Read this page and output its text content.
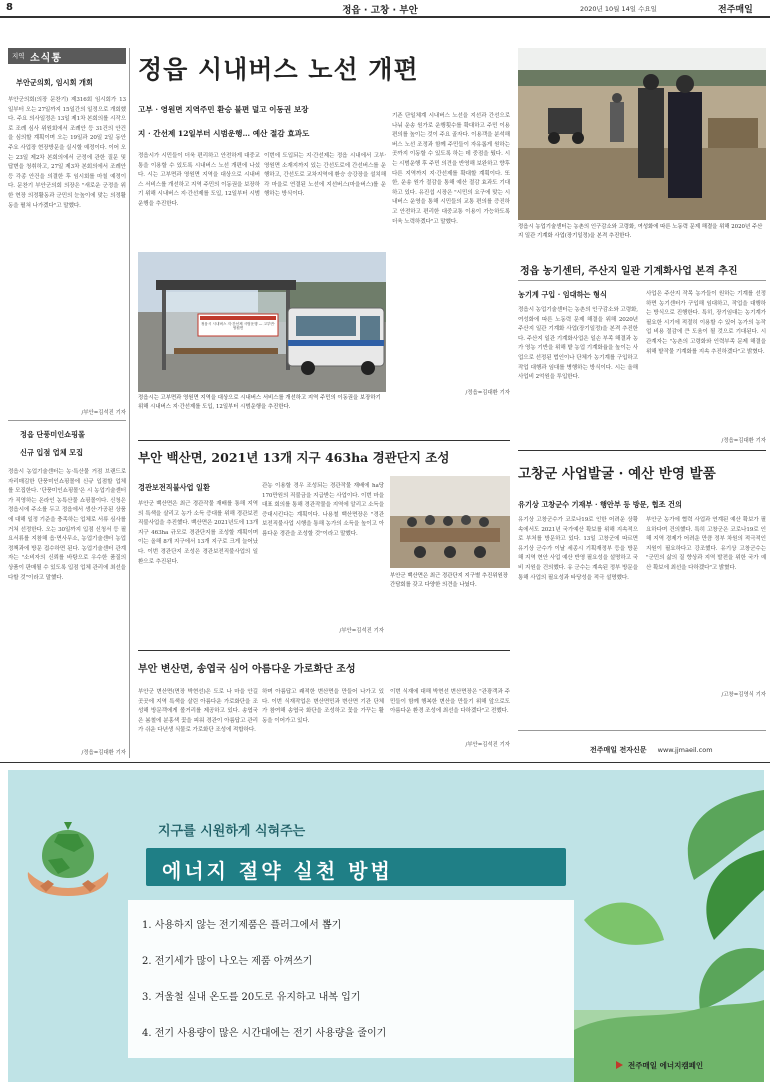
8	정읍 · 고창 · 부안	2020년 10월 14일 수요일	전주매일
지역 소식통
부안군의회, 임시회 개회
부안군의회(의장 문찬기) 제316회 임시회가 13일부터 오는 27일까지 15일간의 일정으로 개회했다. 주요 의사일정은 13일 제1차 본회의를 시작으로 조례 심사 위원회에서 조례안 등 31건의 안건을 심의할 계획이며 오는 19일과 20일 2일 동안 주요 사업장 현장방문을 실시할 예정이다. 이어 오는 23일 제2차 본회의에서 군정에 관한 질문 및 답변을 청취하고, 27일 제3차 본회의에서 조례안 등 각종 안건을 의결한 후 임시회를 마칠 예정이다. 문찬기 부안군의회 의장은 "새로운 군정을 위한 현장 의정활동과 군민의 눈높이에 맞는 의정활동을 펼쳐 나가겠다"고 말했다.
/부안=김석진 기자
정읍 단풍미인쇼핑몰
신규 입점 업체 모집
정읍시 농업기술센터는 농·특산물 거점 브랜드로 자리매김한 단풍미인쇼핑몰에 신규 입점할 업체를 모집한다. '단풍미인쇼핑몰'은 시 농업기술센터가 직영하는 온라인 농특산물 쇼핑몰이다. 신청은 정읍시에 주소를 두고 정읍에서 생산·가공된 상품에 대해 일정 기준을 충족하는 업체로 서류 심사를 거쳐 선정한다. 오는 30일까지 입점 신청서 등 필요서류를 지참해 읍·면사무소, 농업기술센터 농업정책과에 방문 접수하면 된다. 농업기술센터 관계자는 "소비자의 신뢰를 바탕으로 우수한 품질의 상품이 판매될 수 있도록 입점 업체 관리에 최선을 다할 것"이라고 말했다.
/정읍=김대환 기자
정읍 시내버스 노선 개편
고부 · 영원면 지역주민 환승 불편 덜고 이동권 보장
지 · 간선제 12일부터 시범운행… 예산 절감 효과도
정읍시가 시민들이 더욱 편리하고 안전하게 대중교통을 이용할 수 있도록 시내버스 노선 개편에 나섰다. 시는 고부면과 영원면 지역을 대상으로 시내버스 서비스를 개선하고 지역 주민의 이동권을 보장하기 위해 시내버스 지·간선제를 도입, 12일부터 시범운행을 추진한다.
이번에 도입되는 지·간선제는 정읍 시내에서 고부·영원면 소재지까지 있는 간선도로에 간선버스를 운행하고, 간선도로 교차지역에 환승 승강장을 설치해 각 마을로 연결된 노선에 지선버스(마을버스)를 운행하는 방식이다.
기존 단일체계 시내버스 노선을 지선과 간선으로 나눠 운송 원가로 운행횟수를 확대하고 주민 이용 편의를 높이는 것이 주요 골자다. 이용객을 분석해 버스 노선 조정과 함께 주민들이 자유롭게 원하는 곳까지 이동할 수 있도록 하는 데 중점을 뒀다. 시는 시범운행 후 주민 의견을 반영해 보완하고 향후 다른 지역까지 지·간선제를 확대할 계획이다. 또한, 운송 원가 절감을 통해 예산 절감 효과도 기대하고 있다. 유진섭 시장은 "시민의 요구에 맞는 시내버스 운영을 통해 시민들의 교통 편의를 증진하고 안전하고 편리한 대중교통 이용이 가능하도록 더욱 노력하겠다"고 말했다.
/정읍=김대환 기자
정읍시 시내버스 지·간선제 시범운행 — 고부면·영원면
정읍시는 고부면과 영원면 지역을 대상으로 시내버스 서비스를 개선하고 지역 주민의 이동권을 보장하기 위해 시내버스 지·간선제를 도입, 12일부터 시범운행을 추진한다.
정읍시 농업기술센터는 농촌의 인구감소와 고령화, 여성화에 따른 노동력 문제 해결을 위해 2020년 주산지 일관 기계화 사업(장기일정)을 본격 추진한다.
정읍 농기센터, 주산지 일관 기계화사업 본격 추진
농기계 구입 · 임대하는 형식
정읍시 농업기술센터는 농촌의 인구감소와 고령화, 여성화에 따른 노동력 문제 해결을 위해 2020년 주산지 일관 기계화 사업(장기일정)을 본격 추진한다. 주산지 일관 기계화사업은 일손 부족 해결과 농가 영농 기반을 위해 밭 농업 기계화율을 높이는 사업으로 선정된 법인이나 단체가 농기계를 구입하고 작업 대행과 임대를 병행하는 방식이다. 시는 올해 사업비 2억원을 투입한다.
사업은 주산지 작목 농가들이 원하는 기계를 선정하면 농기센터가 구입해 임대하고, 작업을 대행하는 방식으로 진행한다. 특히, 장기임대는 농기계가 필요한 시기에 적절히 이용할 수 있어 농가의 농작업 비용 절감에 큰 도움이 될 것으로 기대된다. 시 관계자는 "농촌의 고령화와 인력부족 문제 해결을 위해 밭작물 기계화를 지속 추진하겠다"고 밝혔다.
/정읍=김대환 기자
부안 백산면, 2021년 13개 지구 463ha 경관단지 조성
경관보전직불사업 일환
부안군 백산면은 최근 경관작물 재배를 통해 지역의 특색을 살리고 농가 소득 증대를 위해 경관보전직불사업을 추진했다. 백산면은 2021년도에 13개 지구 463ha 규모로 경관단지를 조성할 계획이며 이는 올해 8개 지구에서 13개 지구로 크게 늘어났다. 이번 경관단지 조성은 경관보전직불사업의 일환으로 추진된다.
관농 이용할 경우 조성되는 경관작물 재배에 ha당 170만원의 직불금을 지급받는 사업이다. 이번 마을 대표 회의를 통해 경관작물을 지역에 알리고 소득을 증대시킨다는 계획이다. 나용철 백산면장은 "경관보전직불사업 시행을 통해 농가의 소득을 높이고 아름다운 경관을 조성할 것"이라고 말했다.
/부안=김석진 기자
부안군 백산면은 최근 경관단지 지구별 추진위원장 간담회를 갖고 다양한 의견을 나눴다.
부안 변산면, 송엽국 심어 아름다운 가로화단 조성
부안군 변산면(면장 박현선)은 도로 나 마을 안길 곳곳에 지역 특색을 살린 아름다운 가로화단을 조성해 방문객에게 볼거리를 제공하고 있다. 송엽국은 봄철에 분홍색 꽃을 피워 경관이 아름답고 관리가 쉬운 다년생 식물로 가로화단 조성에 적합하다.
하며 아름답고 쾌적한 변산면을 만들어 나가고 있다. 이번 식재작업은 변산면민과 변산면 기관 단체가 참여해 송엽국 화단을 조성하고 꽃을 가꾸는 활동을 이어가고 있다.
이번 식재에 대해 박현선 변산면장은 "관광객과 주민들이 함께 행복한 변산을 만들기 위해 앞으로도 아름다운 환경 조성에 최선을 다하겠다"고 전했다.
/부안=김석진 기자
고창군 사업발굴 · 예산 반영 발품
유기상 고창군수 기재부 · 행안부 등 방문, 협조 건의
유기상 고창군수가 코로나19로 인한 어려운 상황 속에서도 2021년 국가예산 확보를 위해 지속적으로 부처를 방문하고 있다. 13일 고창군에 따르면 유기상 군수가 이날 세종시 기획재정부 등을 방문해 지역 현안 사업 예산 반영 필요성을 설명하고 국비 지원을 건의했다. 유 군수는 계속된 정부 방문을 통해 사업의 필요성과 타당성을 적극 설명했다.
부안군 농가에 협력 사업과 연계된 예산 확보가 필요하다며 건의했다. 특히 고창군은 코로나19로 인해 지역 경제가 어려운 만큼 정부 차원의 적극적인 지원이 필요하다고 강조했다. 유기상 고창군수는 "군민의 삶의 질 향상과 지역 발전을 위한 국가 예산 확보에 최선을 다하겠다"고 밝혔다.
/고창=김영식 기자
전주매일 전자신문 www.jjmaeil.com
지구를 시원하게 식혀주는
에너지 절약 실천 방법
1. 사용하지 않는 전기제품은 플러그에서 뽑기
2. 전기세가 많이 나오는 제품 아껴쓰기
3. 겨울철 실내 온도를 20도로 유지하고 내복 입기
4. 전기 사용량이 많은 시간대에는 전기 사용량을 줄이기
전주매일 에너지캠페인
